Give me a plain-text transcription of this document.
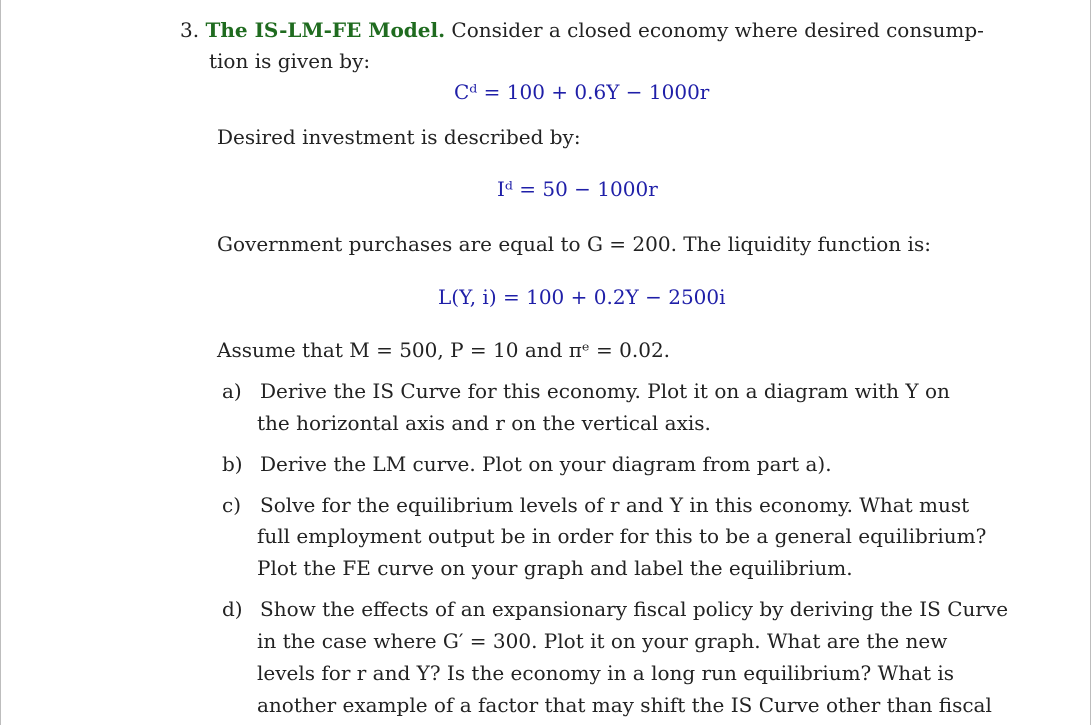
3. The IS-LM-FE Model. Consider a closed economy where desired consump-
tion is given by:
Cᵈ = 100 + 0.6Y − 1000r
Desired investment is described by:
Iᵈ = 50 − 1000r
Government purchases are equal to G = 200. The liquidity function is:
L(Y, i) = 100 + 0.2Y − 2500i
Assume that M = 500, P = 10 and πᵉ = 0.02.
a) Derive the IS Curve for this economy. Plot it on a diagram with Y on
the horizontal axis and r on the vertical axis.
b) Derive the LM curve. Plot on your diagram from part a).
c) Solve for the equilibrium levels of r and Y in this economy. What must
full employment output be in order for this to be a general equilibrium?
Plot the FE curve on your graph and label the equilibrium.
d) Show the effects of an expansionary fiscal policy by deriving the IS Curve
in the case where G′ = 300. Plot it on your graph. What are the new
levels for r and Y? Is the economy in a long run equilibrium? What is
another example of a factor that may shift the IS Curve other than fiscal
